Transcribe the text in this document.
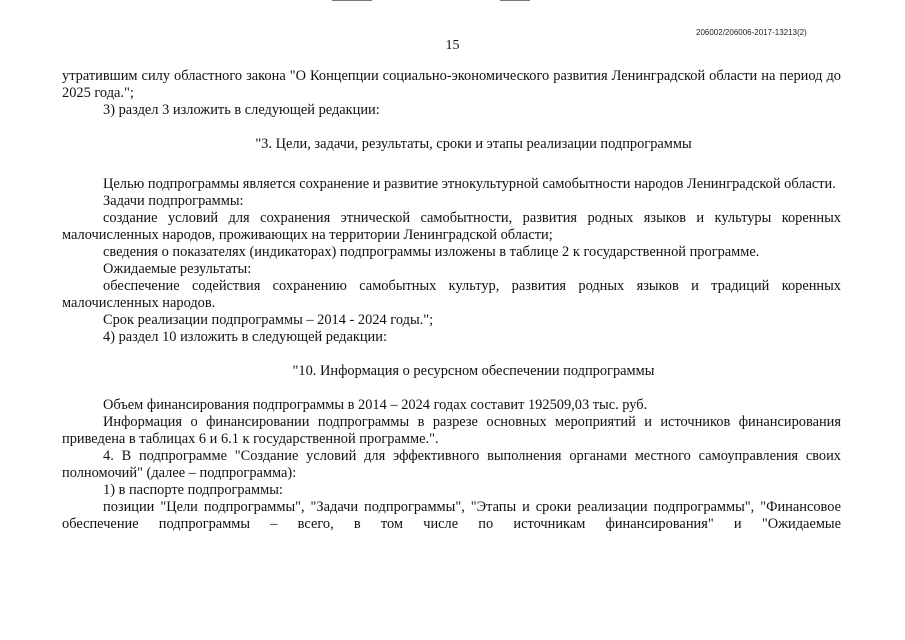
206002/206006-2017-13213(2)
15

утратившим силу областного закона "О Концепции социально-экономического развития Ленинградской области на период до 2025 года.";

3) раздел 3 изложить в следующей редакции:

"3. Цели, задачи, результаты, сроки и этапы реализации подпрограммы

Целью подпрограммы является сохранение и развитие этнокультурной самобытности народов Ленинградской области.

Задачи подпрограммы:

создание условий для сохранения этнической самобытности, развития родных языков и культуры коренных малочисленных народов, проживающих на территории Ленинградской области;

сведения о показателях (индикаторах) подпрограммы изложены в таблице 2 к государственной программе.

Ожидаемые результаты:

обеспечение содействия сохранению самобытных культур, развития родных языков и традиций коренных малочисленных народов.

Срок реализации подпрограммы – 2014 - 2024 годы.";

4) раздел 10 изложить в следующей редакции:

"10. Информация о ресурсном обеспечении подпрограммы

Объем финансирования подпрограммы в 2014 – 2024 годах составит 192509,03 тыс. руб.

Информация о финансировании подпрограммы в разрезе основных мероприятий и источников финансирования приведена в таблицах 6 и 6.1 к государственной программе.".

4. В подпрограмме "Создание условий для эффективного выполнения органами местного самоуправления своих полномочий" (далее – подпрограмма):

1) в паспорте подпрограммы:

позиции "Цели подпрограммы", "Задачи подпрограммы", "Этапы и сроки реализации подпрограммы", "Финансовое обеспечение подпрограммы – всего, в том числе по источникам финансирования" и "Ожидаемые
